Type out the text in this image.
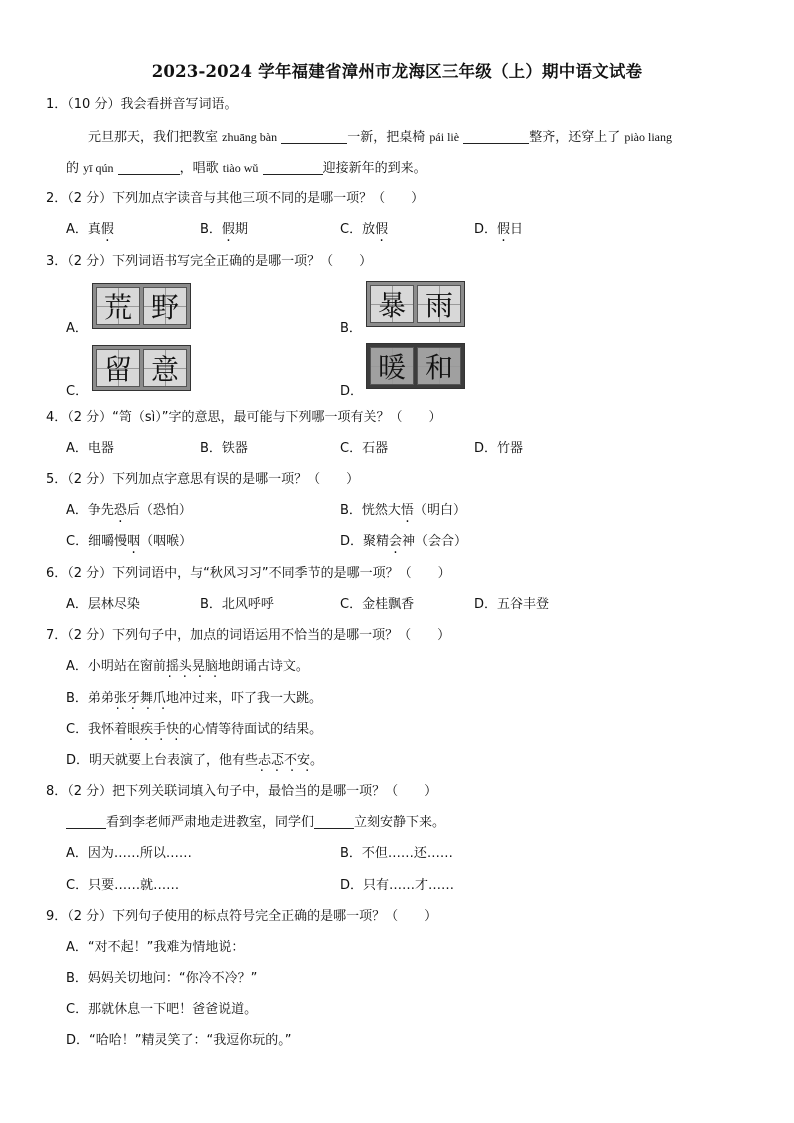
2023-2024 学年福建省漳州市龙海区三年级（上）期中语文试卷
1．（10 分）我会看拼音写词语。
元旦那天，我们把教室 zhuāng bàn	一新，把桌椅 pái liè	整齐，还穿上了 piào liang
的 yī qún	，唱歌 tiào wǔ	迎接新年的到来。
2．（2 分）下列加点字读音与其他三项不同的是哪一项？（　　）
A．真假	B．假期	C．放假	D．假日
3．（2 分）下列词语书写完全正确的是哪一项？（　　）
A．
荒 野
B．
暴 雨
C．
留 意
D．
暖 和
4．（2 分）“笥（sì）”字的意思，最可能与下列哪一项有关？（　　）
A．电器	B．铁器	C．石器	D．竹器
5．（2 分）下列加点字意思有误的是哪一项？（　　）
A．争先恐后（恐怕）	B．恍然大悟（明白）
C．细嚼慢咽（咽喉）	D．聚精会神（会合）
6．（2 分）下列词语中，与“秋风习习”不同季节的是哪一项？（　　）
A．层林尽染	B．北风呼呼	C．金桂飘香	D．五谷丰登
7．（2 分）下列句子中，加点的词语运用不恰当的是哪一项？（　　）
A．小明站在窗前摇头晃脑 ·　·　·　·地朗诵古诗文。
B．弟弟张牙舞爪 ·　·　·　·地冲过来，吓了我一大跳。
C．我怀着眼疾手快 ·　·　·　·的心情等待面试的结果。
D．明天就要上台表演了，他有些忐忑不安 ·　·　·　·。
8．（2 分）把下列关联词填入句子中，最恰当的是哪一项？（　　）
看到李老师严肃地走进教室，同学们	立刻安静下来。
A．因为……所以……	B．不但……还……
C．只要……就……	D．只有……才……
9．（2 分）下列句子使用的标点符号完全正确的是哪一项？（　　）
A．“对不起！”我难为情地说：
B．妈妈关切地问：“你冷不冷？”
C．那就休息一下吧！爸爸说道。
D．“哈哈！”精灵笑了：“我逗你玩的。”
